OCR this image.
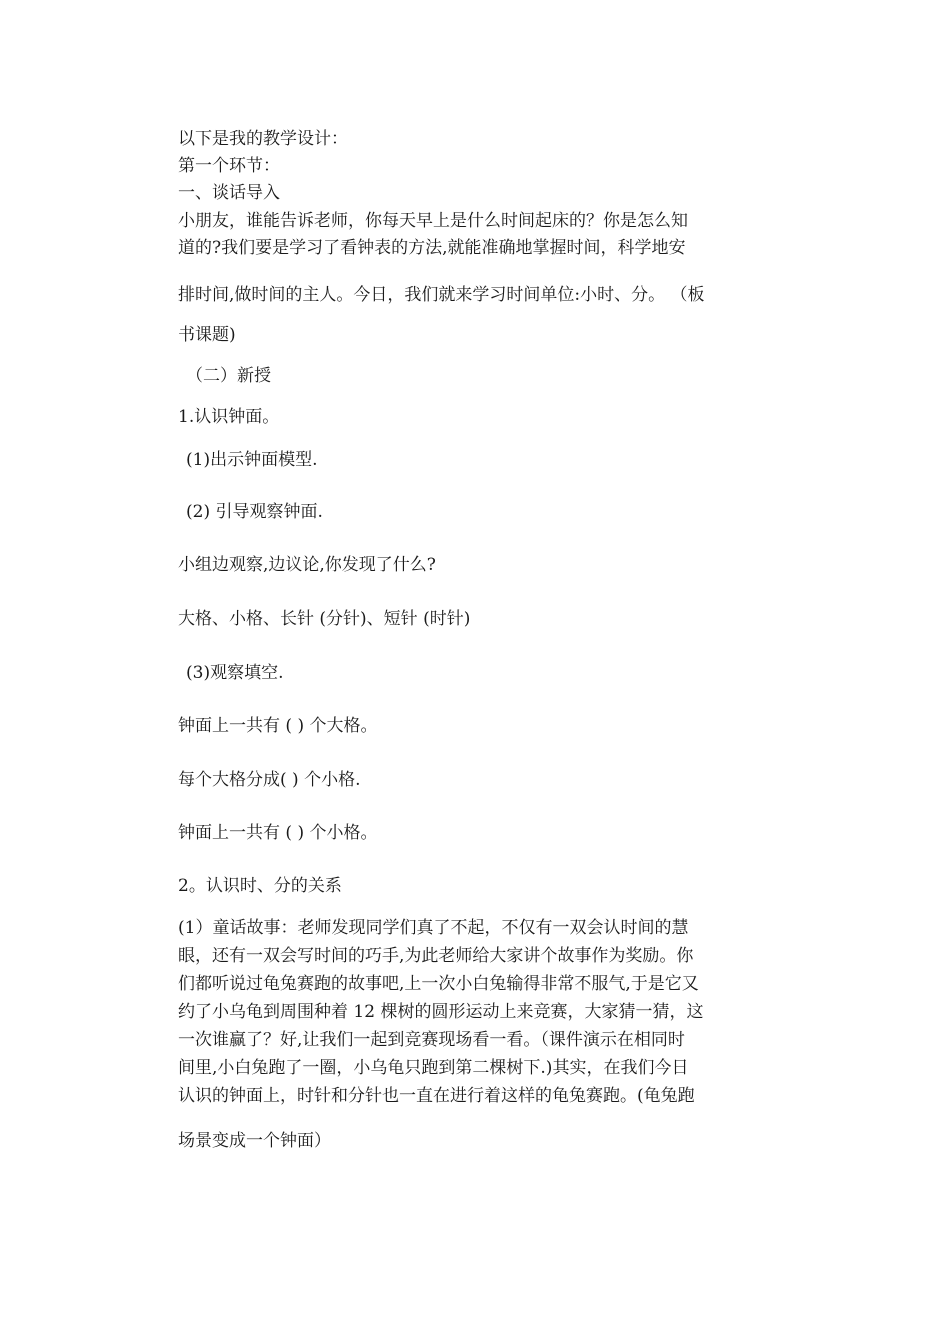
以下是我的教学设计：
第一个环节：
一、谈话导入
小朋友，谁能告诉老师，你每天早上是什么时间起床的？你是怎么知
道的?我们要是学习了看钟表的方法,就能准确地掌握时间，科学地安
排时间,做时间的主人。今日，我们就来学习时间单位:小时、分。 （板
书课题)
（二）新授
1.认识钟面。
(1)出示钟面模型.
(2) 引导观察钟面.
小组边观察,边议论,你发现了什么?
大格、小格、长针 (分针)、短针 (时针)
(3)观察填空.
钟面上一共有 ( ) 个大格。
每个大格分成( ) 个小格.
钟面上一共有 ( ) 个小格。
2。认识时、分的关系
(1）童话故事：老师发现同学们真了不起，不仅有一双会认时间的慧
眼，还有一双会写时间的巧手,为此老师给大家讲个故事作为奖励。你
们都听说过龟兔赛跑的故事吧,上一次小白兔输得非常不服气,于是它又
约了小乌龟到周围种着 12 棵树的圆形运动上来竞赛，大家猜一猜，这
一次谁赢了？好,让我们一起到竞赛现场看一看。（课件演示在相同时
间里,小白兔跑了一圈，小乌龟只跑到第二棵树下.)其实，在我们今日
认识的钟面上，时针和分针也一直在进行着这样的龟兔赛跑。(龟兔跑
场景变成一个钟面）
